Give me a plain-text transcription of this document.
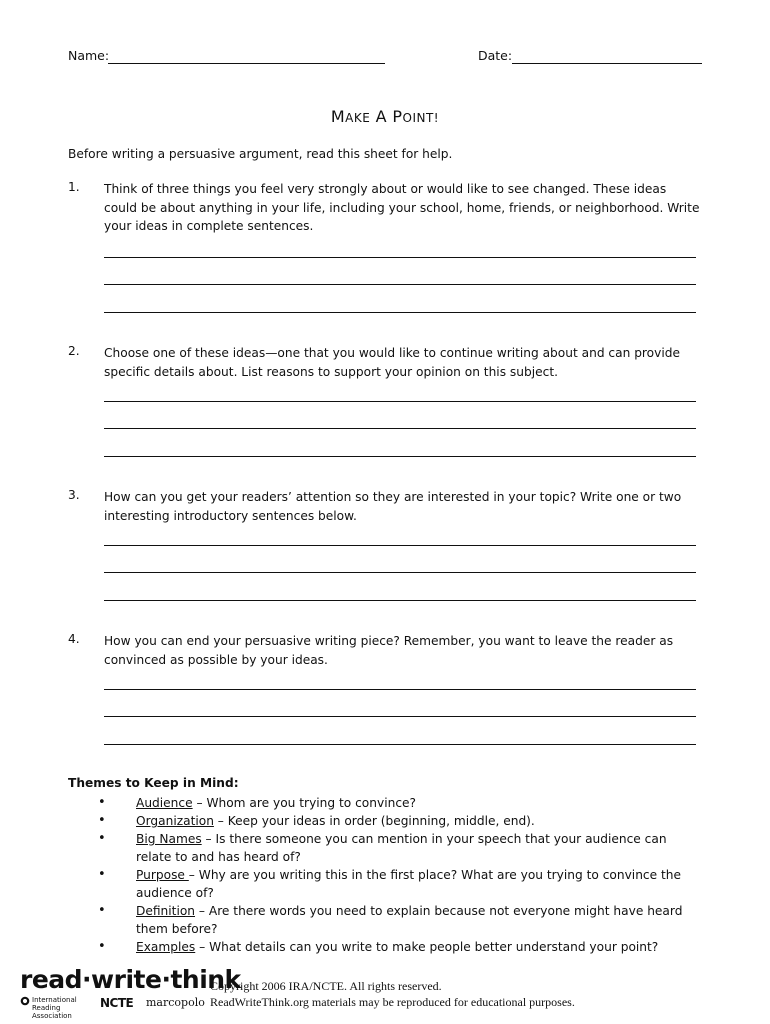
Name:	Date:
MAKE A POINT!
Before writing a persuasive argument, read this sheet for help.
1. Think of three things you feel very strongly about or would like to see changed. These ideas could be about anything in your life, including your school, home, friends, or neighborhood. Write your ideas in complete sentences.
2. Choose one of these ideas—one that you would like to continue writing about and can provide specific details about. List reasons to support your opinion on this subject.
3. How can you get your readers’ attention so they are interested in your topic? Write one or two interesting introductory sentences below.
4. How you can end your persuasive writing piece? Remember, you want to leave the reader as convinced as possible by your ideas.
Themes to Keep in Mind:
• Audience – Whom are you trying to convince?
• Organization – Keep your ideas in order (beginning, middle, end).
• Big Names – Is there someone you can mention in your speech that your audience can relate to and has heard of?
• Purpose – Why are you writing this in the first place? What are you trying to convince the audience of?
• Definition – Are there words you need to explain because not everyone might have heard them before?
• Examples – What details can you write to make people better understand your point?
read·write·think
International Reading Association
NCTE marcopolo
Copyright 2006 IRA/NCTE. All rights reserved.
ReadWriteThink.org materials may be reproduced for educational purposes.
